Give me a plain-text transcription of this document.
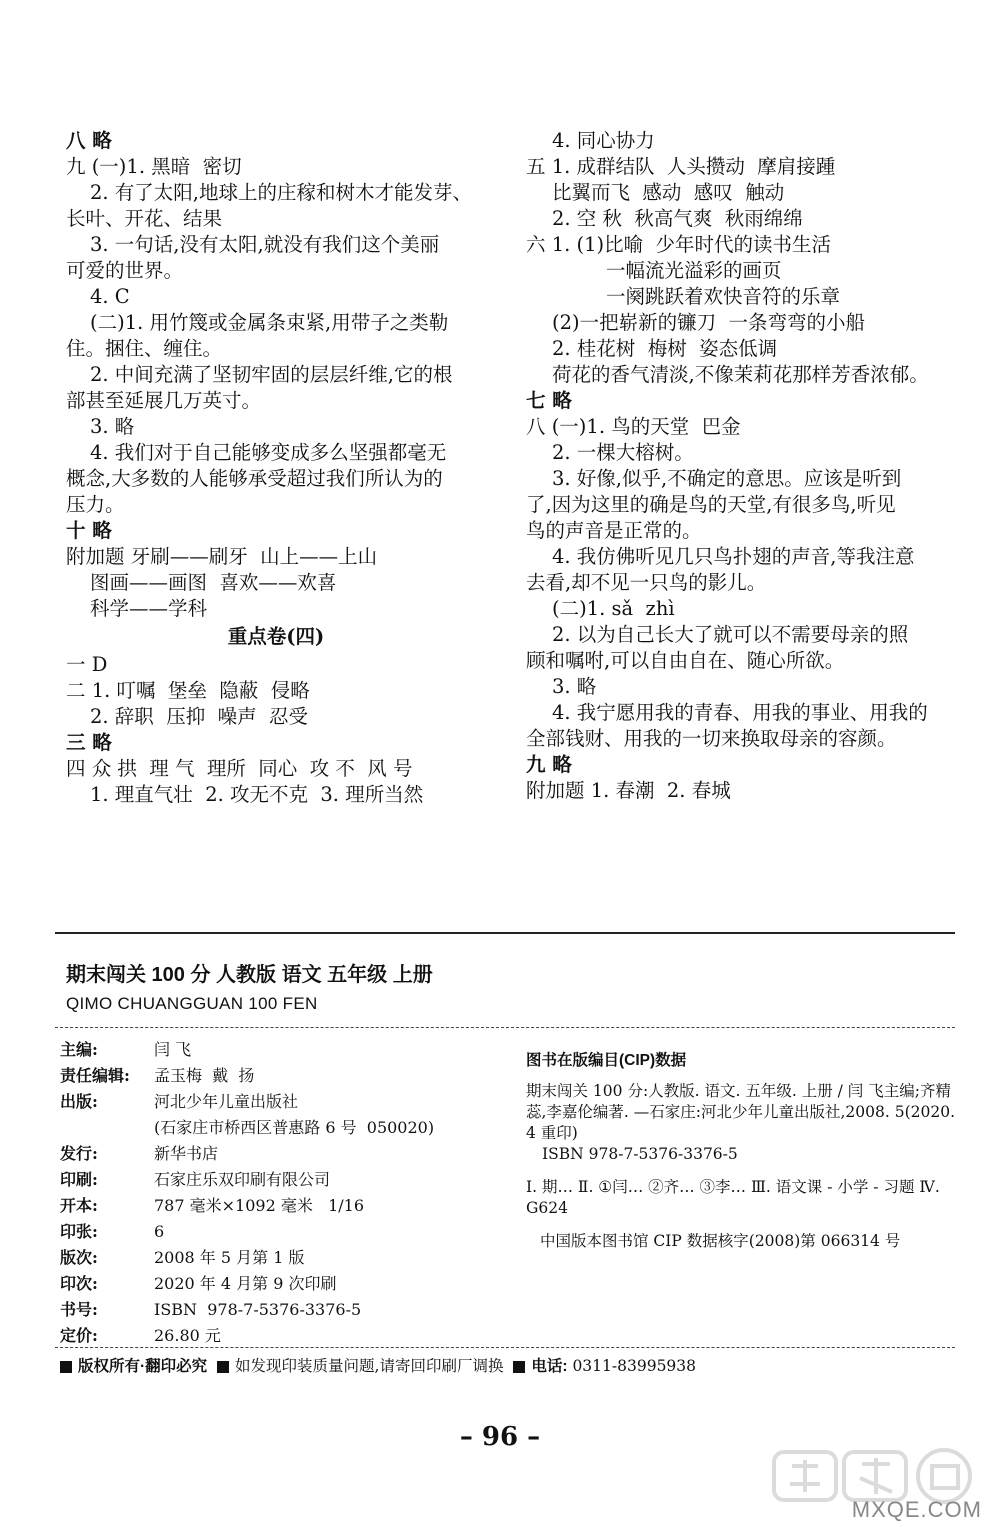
八 略
九 (一)1. 黑暗  密切
2. 有了太阳,地球上的庄稼和树木才能发芽、
长叶、开花、结果
3. 一句话,没有太阳,就没有我们这个美丽
可爱的世界。
4. C
(二)1. 用竹篾或金属条束紧,用带子之类勒
住。捆住、缠住。
2. 中间充满了坚韧牢固的层层纤维,它的根
部甚至延展几万英寸。
3. 略
4. 我们对于自己能够变成多么坚强都毫无
概念,大多数的人能够承受超过我们所认为的
压力。
十 略
附加题 牙刷——刷牙  山上——上山
图画——画图  喜欢——欢喜
科学——学科
重点卷(四)
一 D
二 1. 叮嘱  堡垒  隐蔽  侵略
2. 辞职  压抑  噪声  忍受
三 略
四 众 拱  理 气  理所  同心  攻 不  风 号
1. 理直气壮  2. 攻无不克  3. 理所当然
4. 同心协力
五 1. 成群结队  人头攒动  摩肩接踵
比翼而飞  感动  感叹  触动
2. 空 秋  秋高气爽  秋雨绵绵
六 1. (1)比喻  少年时代的读书生活
一幅流光溢彩的画页
一阕跳跃着欢快音符的乐章
(2)一把崭新的镰刀  一条弯弯的小船
2. 桂花树  梅树  姿态低调
荷花的香气清淡,不像茉莉花那样芳香浓郁。
七 略
八 (一)1. 鸟的天堂  巴金
2. 一棵大榕树。
3. 好像,似乎,不确定的意思。应该是听到
了,因为这里的确是鸟的天堂,有很多鸟,听见
鸟的声音是正常的。
4. 我仿佛听见几只鸟扑翅的声音,等我注意
去看,却不见一只鸟的影儿。
(二)1. sǎ  zhì
2. 以为自己长大了就可以不需要母亲的照
顾和嘱咐,可以自由自在、随心所欲。
3. 略
4. 我宁愿用我的青春、用我的事业、用我的
全部钱财、用我的一切来换取母亲的容颜。
九 略
附加题 1. 春潮  2. 春城
期末闯关 100 分 人教版 语文 五年级 上册
QIMO CHUANGGUAN 100 FEN
主编:	闫 飞
责任编辑:	孟玉梅  戴  扬
出版:	河北少年儿童出版社
(石家庄市桥西区普惠路 6 号  050020)
发行:	新华书店
印刷:	石家庄乐双印刷有限公司
开本:	787 毫米×1092 毫米   1/16
印张:	6
版次:	2008 年 5 月第 1 版
印次:	2020 年 4 月第 9 次印刷
书号:	ISBN  978-7-5376-3376-5
定价:	26.80 元
图书在版编目(CIP)数据

期末闯关 100 分:人教版. 语文. 五年级. 上册 / 闫 飞主编;齐精蕊,李嘉伦编著. —石家庄:河北少年儿童出版社,2008. 5(2020. 4 重印)

ISBN 978-7-5376-3376-5

Ⅰ. 期… Ⅱ. ①闫… ②齐… ③李… Ⅲ. 语文课 - 小学 - 习题 Ⅳ. G624

中国版本图书馆 CIP 数据核字(2008)第 066314 号

版权所有·翻印必究 如发现印装质量问题,请寄回印刷厂调换 电话: 0311-83995938
– 96 –
MXQE.COM
